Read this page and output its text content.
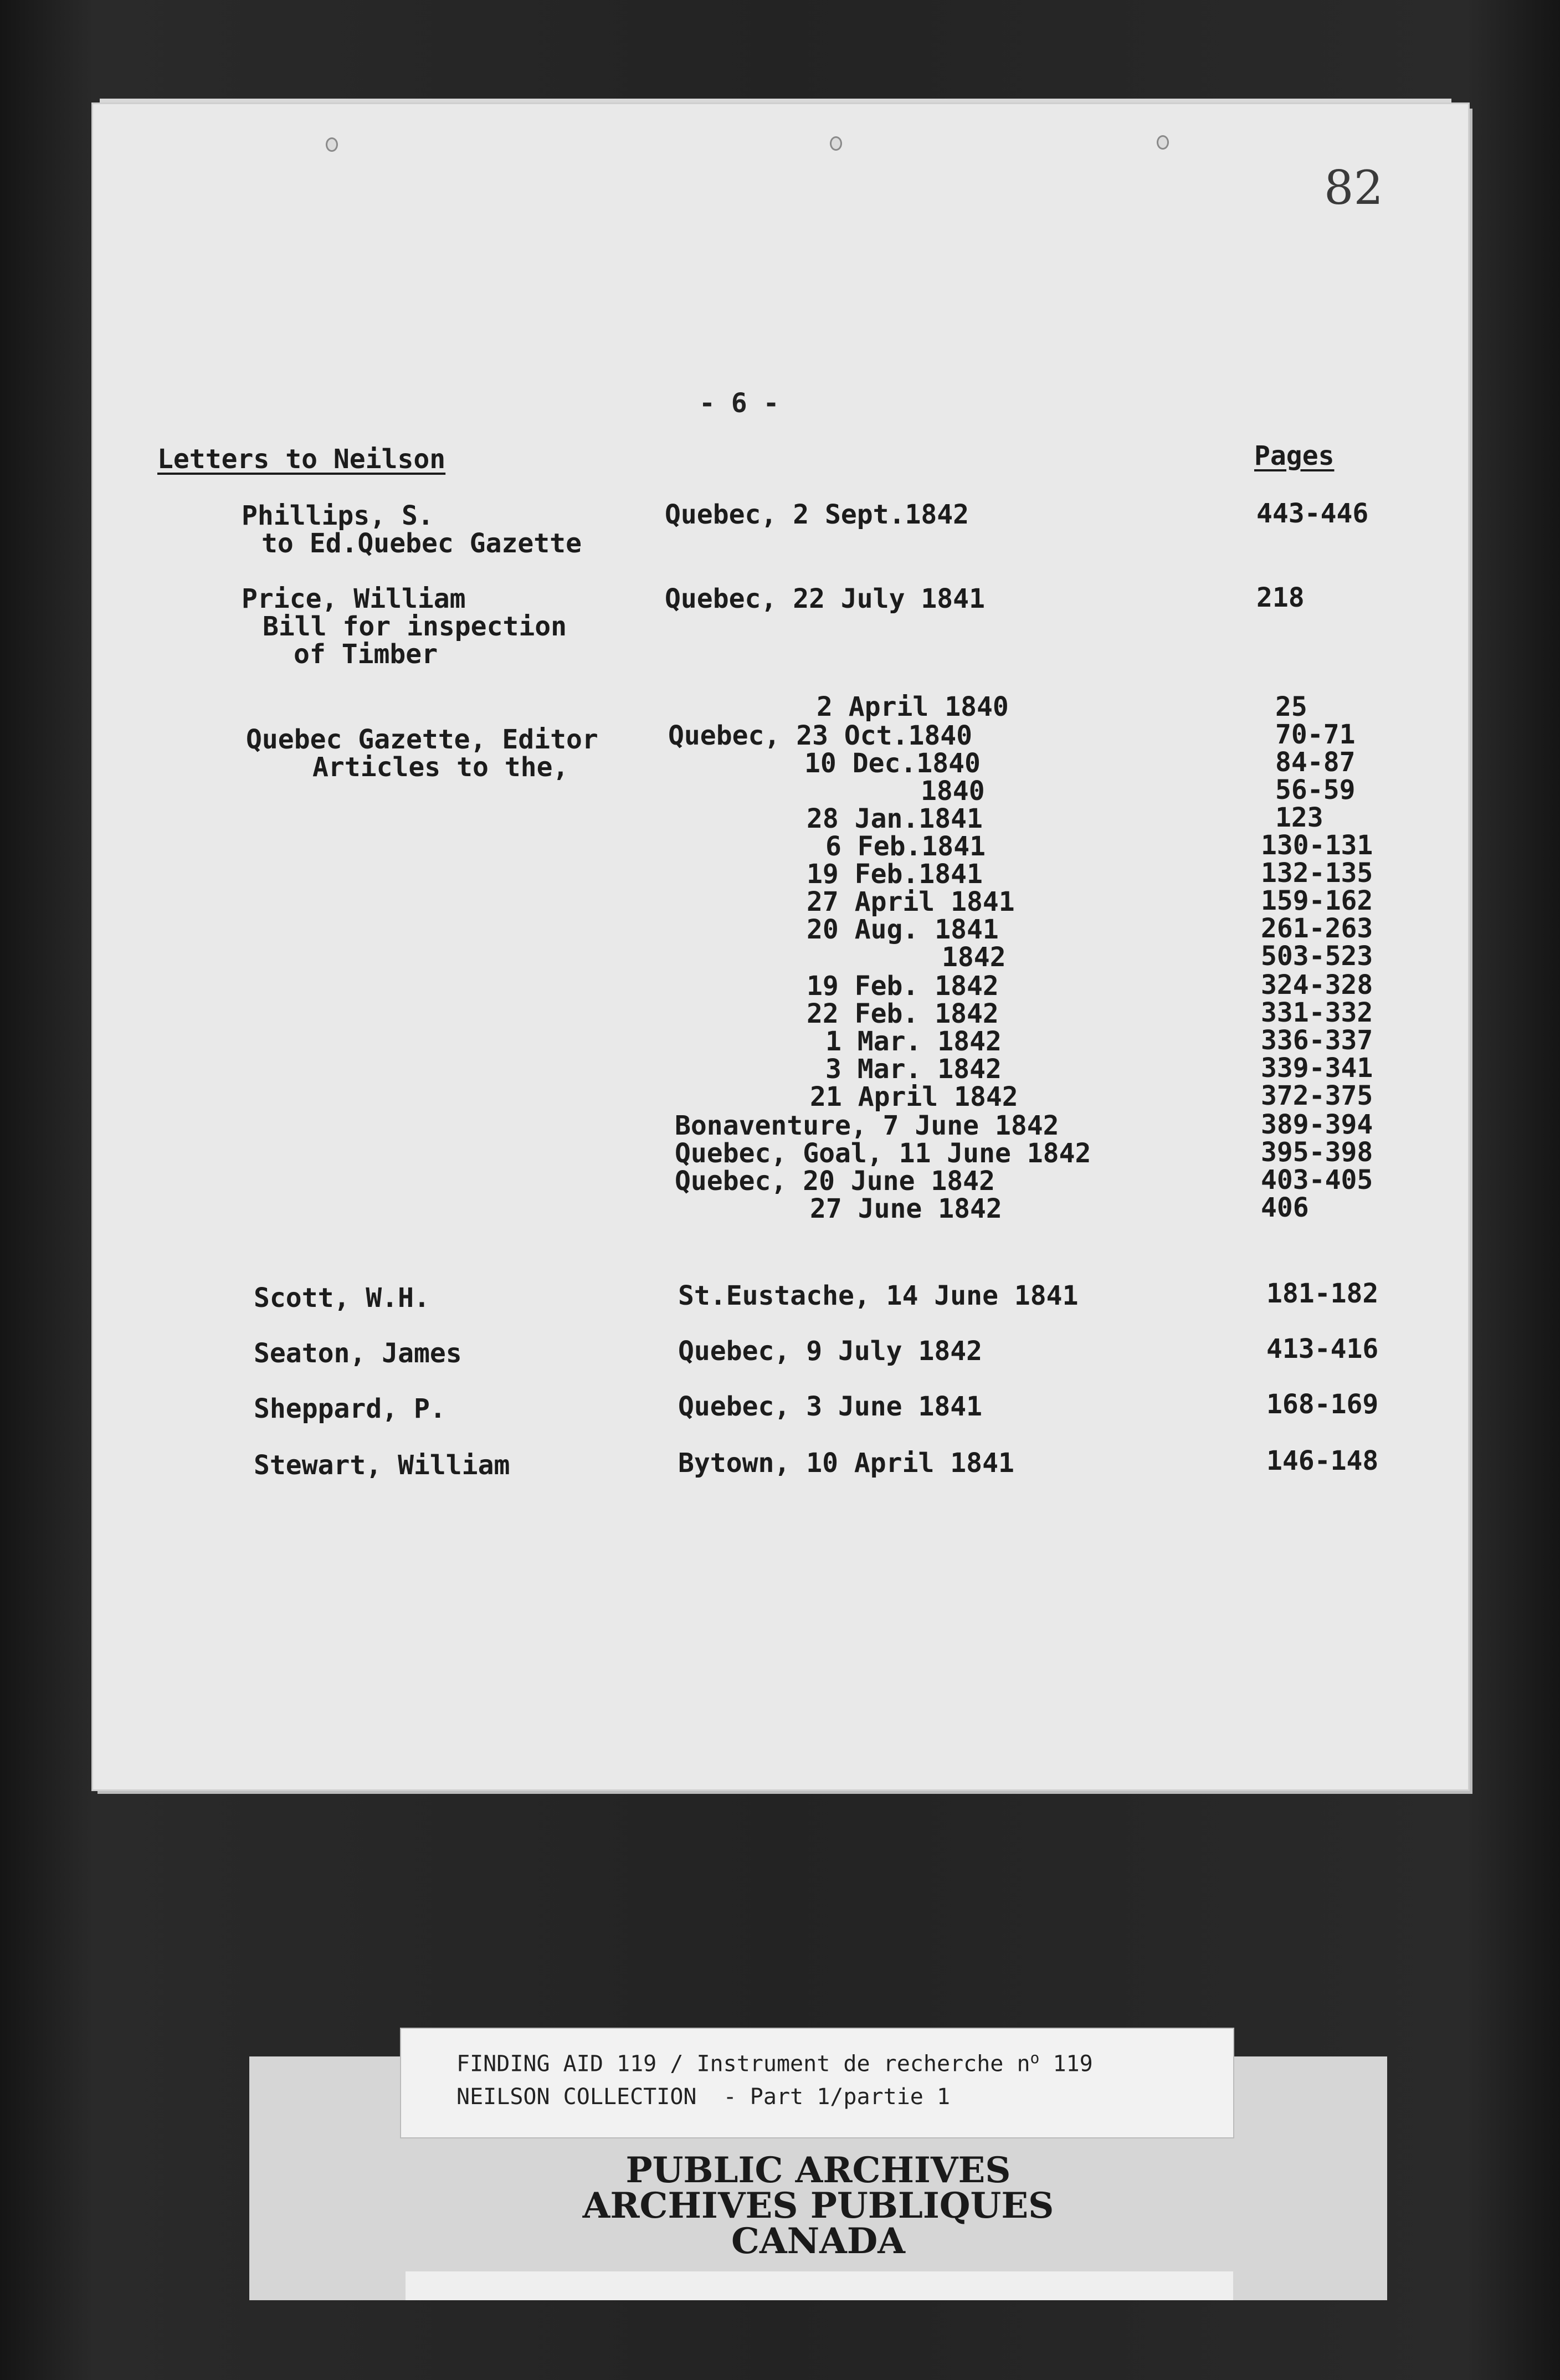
82
- 6 -
Letters to Neilson	Pages
Phillips, S.
to Ed.Quebec Gazette
Quebec, 2 Sept.1842	443-446
Price, William
Bill for inspection
of Timber
Quebec, 22 July 1841	218
Quebec Gazette, Editor
Articles to the,
2 April 1840	25
Quebec, 23 Oct.1840	70-71
10 Dec.1840	84-87
1840	56-59
28 Jan.1841	123
6 Feb.1841	130-131
19 Feb.1841	132-135
27 April 1841	159-162
20 Aug. 1841	261-263
1842	503-523
19 Feb. 1842	324-328
22 Feb. 1842	331-332
1 Mar. 1842	336-337
3 Mar. 1842	339-341
21 April 1842	372-375
Bonaventure, 7 June 1842	389-394
Quebec, Goal, 11 June 1842	395-398
Quebec, 20 June 1842	403-405
27 June 1842	406
Scott, W.H.	St.Eustache, 14 June 1841	181-182
Seaton, James	Quebec, 9 July 1842	413-416
Sheppard, P.	Quebec, 3 June 1841	168-169
Stewart, William	Bytown, 10 April 1841	146-148
FINDING AID 119 / Instrument de recherche $n^o$ 119
NEILSON COLLECTION  - Part 1/partie 1
PUBLIC ARCHIVES
ARCHIVES PUBLIQUES
CANADA
